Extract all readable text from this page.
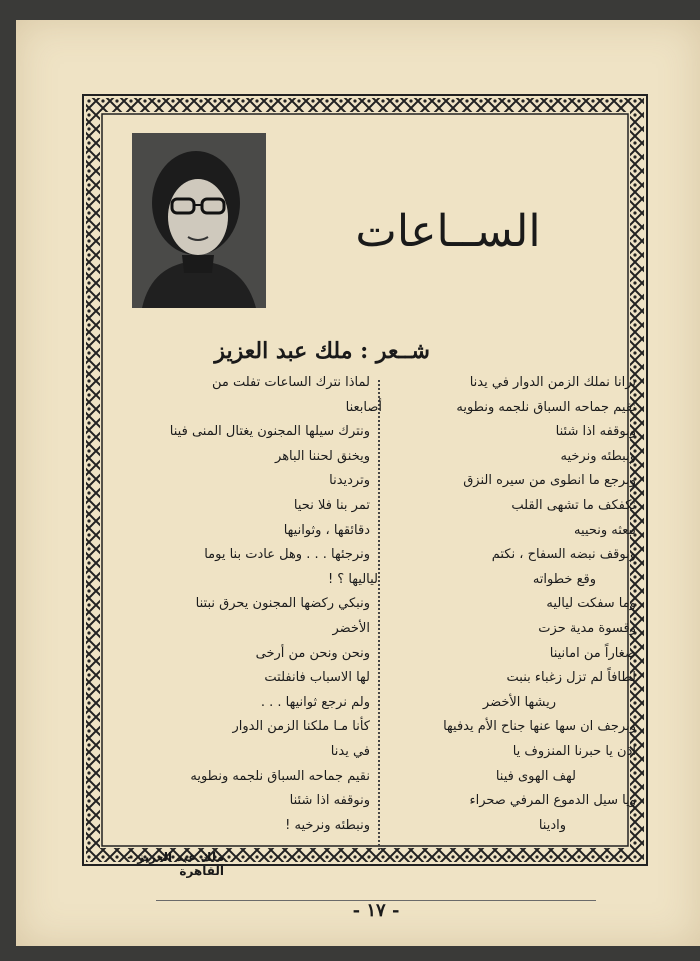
الســاعات
شــعر : ملك عبد العزيز
ترانا نملك الزمن الدوار في يدنا
نقيم جماحه السباق نلجمه ونطويه
ونوقفه اذا شئنا
ونبطئه ونرخيه
ونرجع ما انطوى من سيره النزق
نكفكف ما تشهى القلب
نبعثه ونحييه
ونوقف نبضه السفاح ، نكتم
وقع خطواته
وما سفكت لياليه
وقسوة مدية حزت
صغاراً من امانينا
لطافاً لم تزل زغباء بنبت
ريشها الأخضر
ونرجف ان سها عنها جناح الأم يدفيها
اذن يا حبرنا المنزوف يا
لهف الهوى فينا
ويا سيل الدموع المرفي صحراء
وادينا
لماذا نترك الساعات تفلت من
أصابعنا
ونترك سيلها المجنون يغتال المنى فينا
ويخنق لحننا الباهر
وترديدنا
تمر بنا فلا نحيا
دقائقها ، وثوانيها
ونرجئها . . . وهل عادت بنا يوما
لياليها ؟ !
ونبكي ركضها المجنون يحرق نبتنا
الأخضر
ونحن ونحن من أرخى
لها الاسباب فانفلتت
ولم نرجع ثوانيها . . .
كأنا مـا ملكنا الزمن الدوار
في يدنا
نقيم جماحه السباق نلجمه ونطويه
ونوقفه اذا شئنا
ونبطئه ونرخيه !
ملك عبد العزيز – القاهرة
- ١٧ -
